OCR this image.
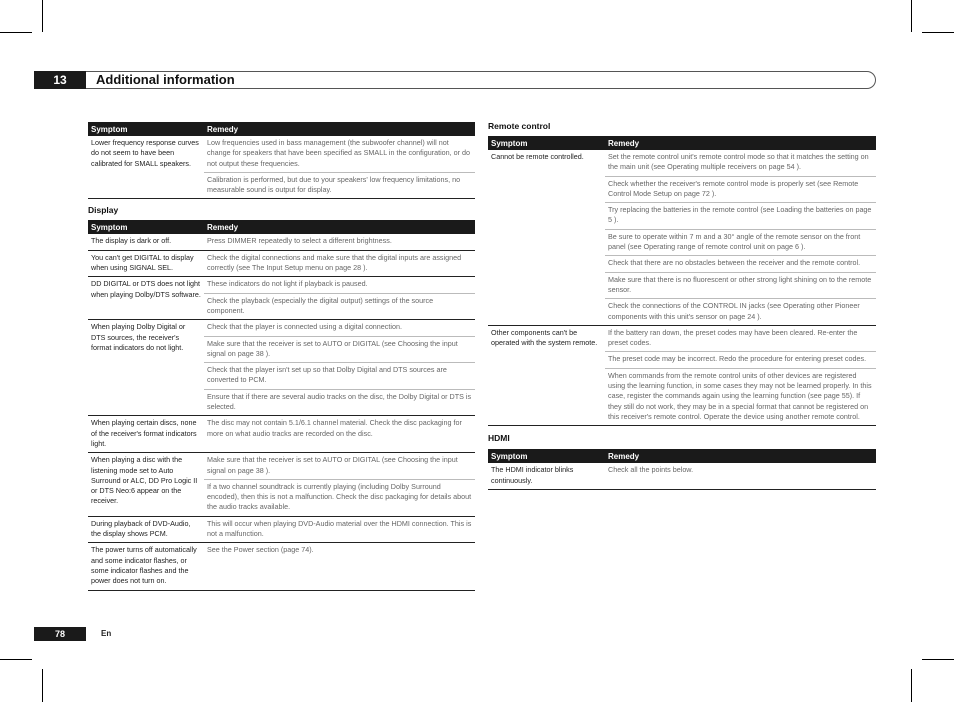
13	Additional information
Symptom	Remedy
Lower frequency response curves do not seem to have been calibrated for SMALL speakers.	Low frequencies used in bass management (the subwoofer channel) will not change for speakers that have been specified as SMALL in the configuration, or do not output these frequencies.
	Calibration is performed, but due to your speakers' low frequency limitations, no measurable sound is output for display.
Display
Symptom	Remedy
The display is dark or off.	Press DIMMER repeatedly to select a different brightness.
You can't get DIGITAL to display when using SIGNAL SEL.	Check the digital connections and make sure that the digital inputs are assigned correctly (see The Input Setup menu on page 28 ).
DD DIGITAL or DTS does not light when playing Dolby/DTS software.	These indicators do not light if playback is paused.
	Check the playback (especially the digital output) settings of the source component.
When playing Dolby Digital or DTS sources, the receiver's format indicators do not light.	Check that the player is connected using a digital connection.
	Make sure that the receiver is set to AUTO or DIGITAL (see Choosing the input signal on page 38 ).
	Check that the player isn't set up so that Dolby Digital and DTS sources are converted to PCM.
	Ensure that if there are several audio tracks on the disc, the Dolby Digital or DTS is selected.
When playing certain discs, none of the receiver's format indicators light.	The disc may not contain 5.1/6.1 channel material. Check the disc packaging for more on what audio tracks are recorded on the disc.
When playing a disc with the listening mode set to Auto Surround or ALC, DD Pro Logic II or DTS Neo:6 appear on the receiver.	Make sure that the receiver is set to AUTO or DIGITAL (see Choosing the input signal on page 38 ).
	If a two channel soundtrack is currently playing (including Dolby Surround encoded), then this is not a malfunction. Check the disc packaging for details about the audio tracks available.
During playback of DVD-Audio, the display shows PCM.	This will occur when playing DVD-Audio material over the HDMI connection. This is not a malfunction.
The power turns off automatically and some indicator flashes, or some indicator flashes and the power does not turn on.	See the Power section (page 74).
Remote control
Symptom	Remedy
Cannot be remote controlled.	Set the remote control unit's remote control mode so that it matches the setting on the main unit (see Operating multiple receivers on page 54 ).
	Check whether the receiver's remote control mode is properly set (see Remote Control Mode Setup on page 72 ).
	Try replacing the batteries in the remote control (see Loading the batteries on page 5 ).
	Be sure to operate within 7 m and a 30° angle of the remote sensor on the front panel (see Operating range of remote control unit on page 6 ).
	Check that there are no obstacles between the receiver and the remote control.
	Make sure that there is no fluorescent or other strong light shining on to the remote sensor.
	Check the connections of the CONTROL IN jacks (see Operating other Pioneer components with this unit's sensor on page 24 ).
Other components can't be operated with the system remote.	If the battery ran down, the preset codes may have been cleared. Re-enter the preset codes.
	The preset code may be incorrect. Redo the procedure for entering preset codes.
	When commands from the remote control units of other devices are registered using the learning function, in some cases they may not be learned properly. In this case, register the commands again using the learning function (see page 55). If they still do not work, they may be in a special format that cannot be registered on this receiver's remote control. Operate the device using another remote control.
HDMI
Symptom	Remedy
The HDMI indicator blinks continuously.	Check all the points below.
78	En
